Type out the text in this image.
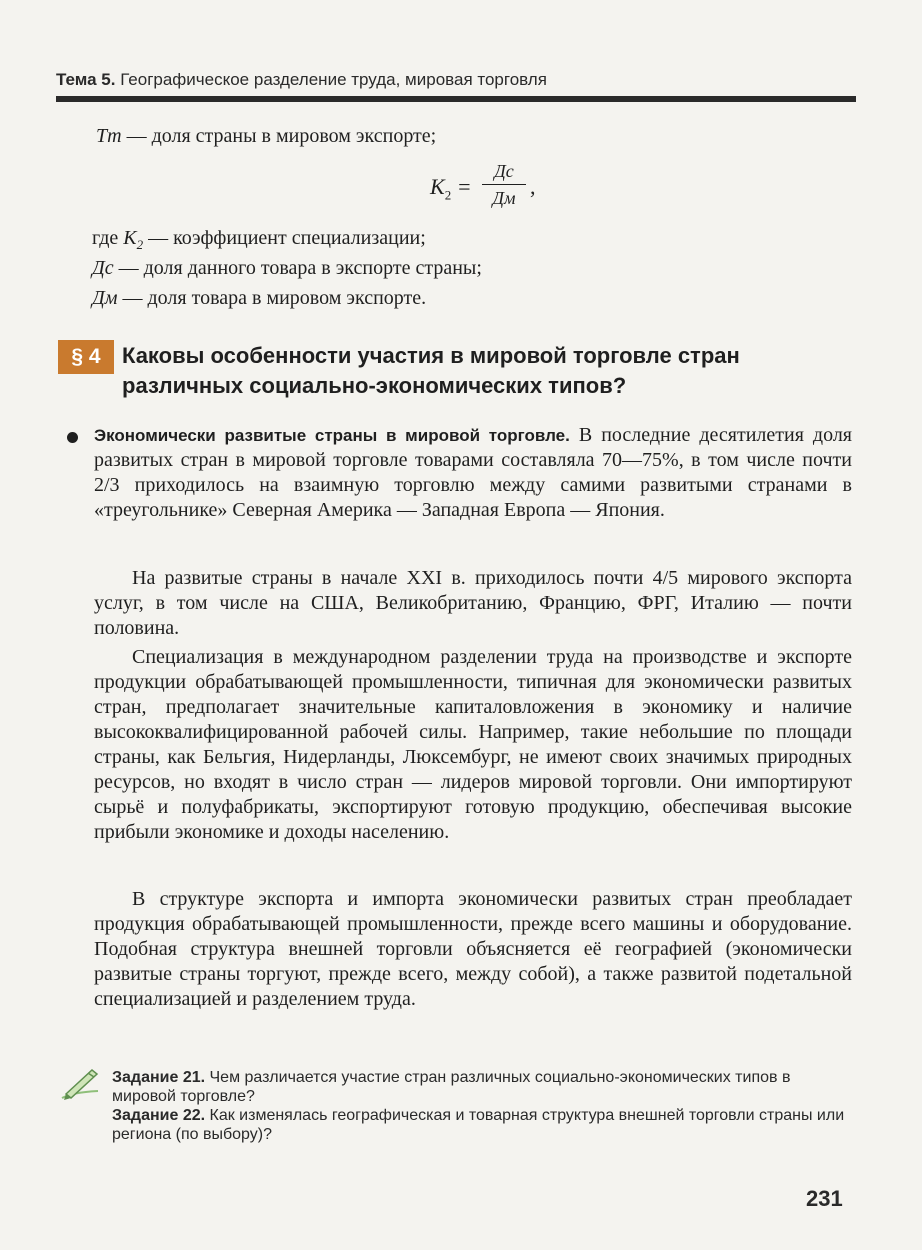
Тема 5. Географическое разделение труда, мировая торговля
Тт — доля страны в мировом экспорте;
$K_2$ =
Дс
Дм ,
где $K_2$ — коэффициент специализации;
Дс — доля данного товара в экспорте страны;
Дм — доля товара в мировом экспорте.
§ 4 Каковы особенности участия в мировой торговле стран
различных социально-экономических типов?
Экономически развитые страны в мировой торговле. В последние десятилетия доля развитых стран в мировой торговле товарами составляла 70—75%, в том числе почти 2/3 приходилось на взаимную торговлю между самими развитыми странами в «треугольнике» Северная Америка — Западная Европа — Япония.
На развитые страны в начале XXI в. приходилось почти 4/5 мирового экспорта услуг, в том числе на США, Великобританию, Францию, ФРГ, Италию — почти половина.
Специализация в международном разделении труда на производстве и экспорте продукции обрабатывающей промышленности, типичная для экономически развитых стран, предполагает значительные капиталовложения в экономику и наличие высококвалифицированной рабочей силы. Например, такие небольшие по площади страны, как Бельгия, Нидерланды, Люксембург, не имеют своих значимых природных ресурсов, но входят в число стран — лидеров мировой торговли. Они импортируют сырьё и полуфабрикаты, экспортируют готовую продукцию, обеспечивая высокие прибыли экономике и доходы населению.
В структуре экспорта и импорта экономически развитых стран преобладает продукция обрабатывающей промышленности, прежде всего машины и оборудование. Подобная структура внешней торговли объясняется её географией (экономически развитые страны торгуют, прежде всего, между собой), а также развитой подетальной специализацией и разделением труда.
Задание 21. Чем различается участие стран различных социально-экономических типов в мировой торговле?
Задание 22. Как изменялась географическая и товарная структура внешней торговли страны или региона (по выбору)?
231
